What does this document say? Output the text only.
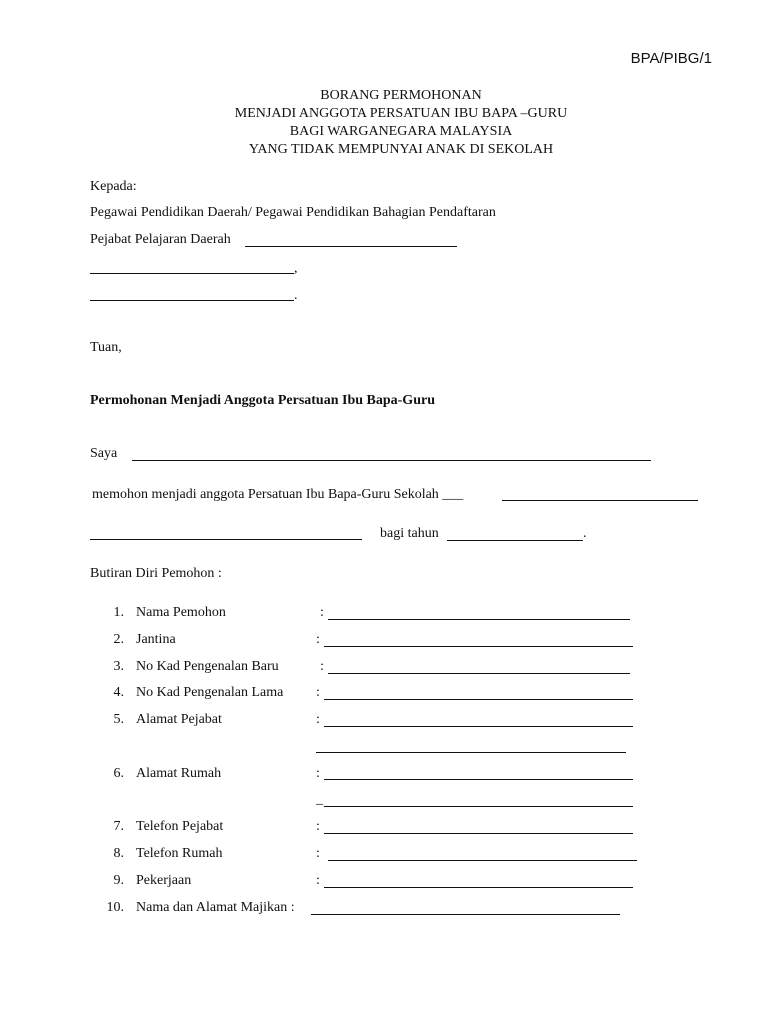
BPA/PIBG/1
BORANG PERMOHONAN
MENJADI ANGGOTA PERSATUAN IBU BAPA –GURU
BAGI WARGANEGARA MALAYSIA
YANG TIDAK MEMPUNYAI ANAK DI SEKOLAH
Kepada:
Pegawai Pendidikan Daerah/ Pegawai Pendidikan Bahagian Pendaftaran
Pejabat Pelajaran Daerah
,
.
Tuan,
Permohonan Menjadi Anggota Persatuan Ibu Bapa-Guru
Saya
memohon menjadi anggota Persatuan Ibu Bapa-Guru Sekolah ___
bagi tahun	.
Butiran Diri Pemohon :
1. Nama Pemohon	:
2. Jantina	:
3. No Kad Pengenalan Baru	:
4. No Kad Pengenalan Lama :
5. Alamat Pejabat	:
6. Alamat Rumah	:
_
7. Telefon Pejabat	:
8. Telefon Rumah	:
9. Pekerjaan	:
10. Nama dan Alamat Majikan :
